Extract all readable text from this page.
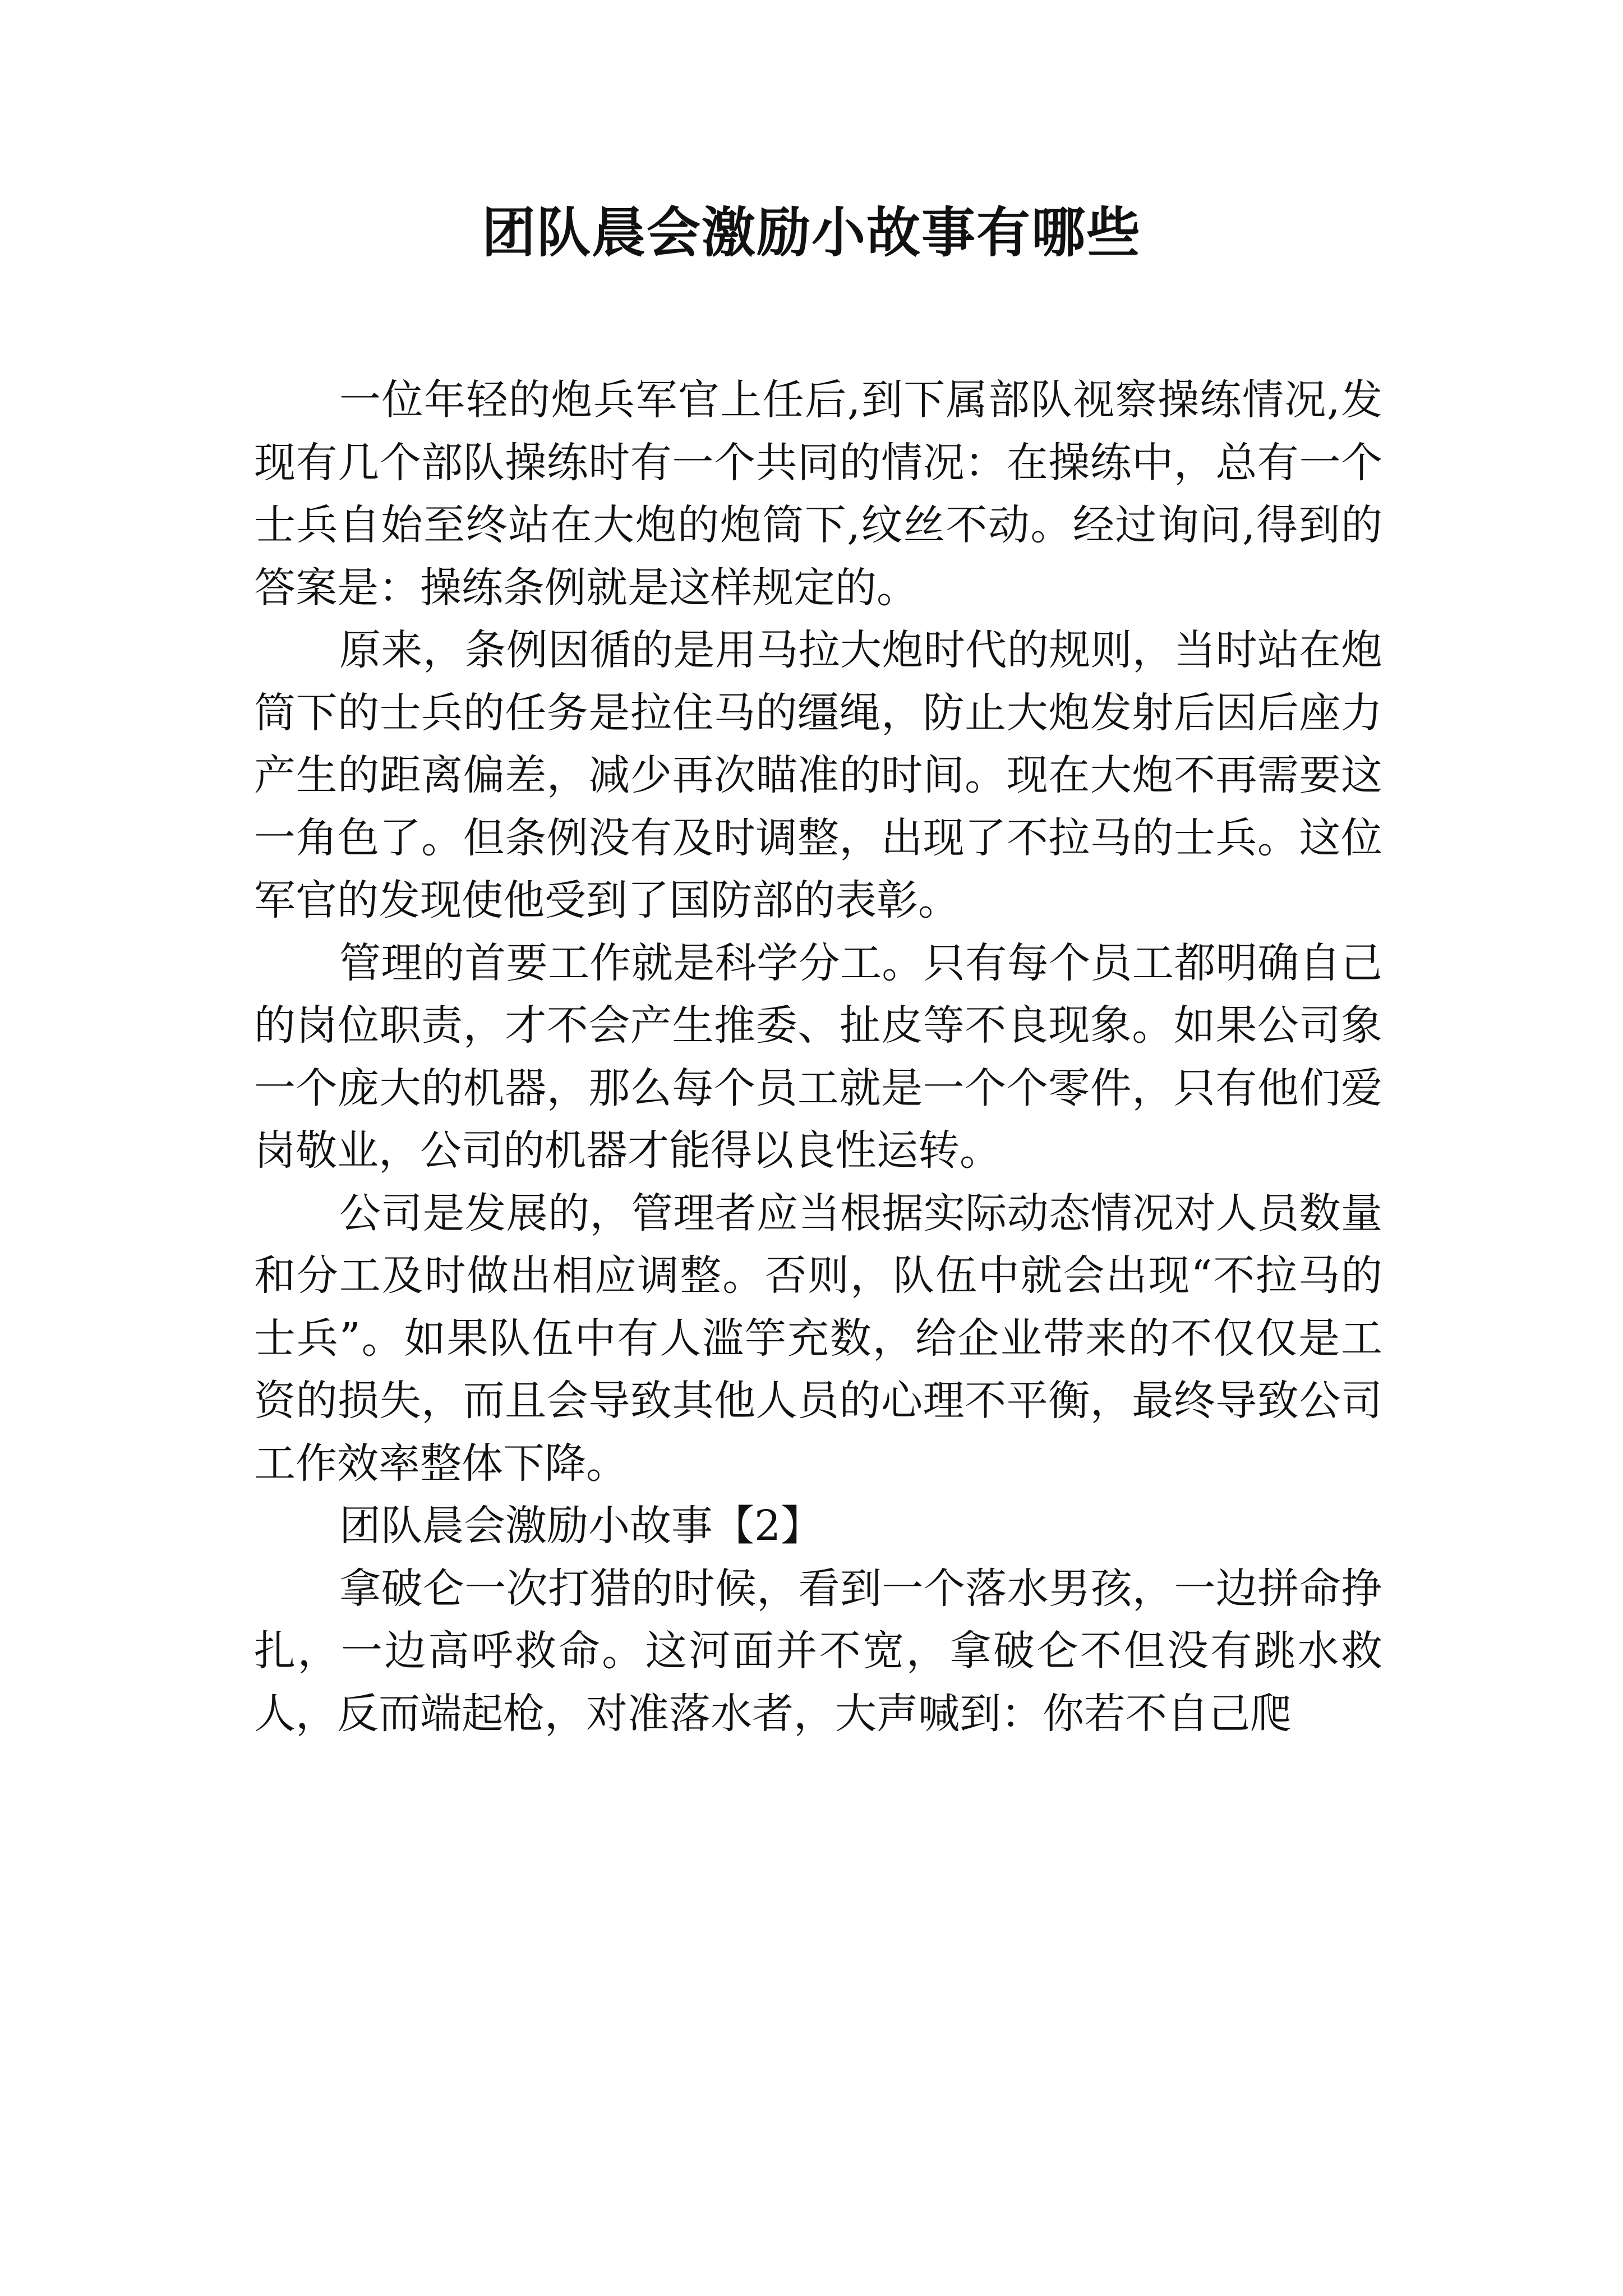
团队晨会激励小故事有哪些

一位年轻的炮兵军官上任后,到下属部队视察操练情况,发现有几个部队操练时有一个共同的情况：在操练中，总有一个士兵自始至终站在大炮的炮筒下,纹丝不动。经过询问,得到的答案是：操练条例就是这样规定的。

原来，条例因循的是用马拉大炮时代的规则，当时站在炮筒下的士兵的任务是拉住马的缰绳，防止大炮发射后因后座力产生的距离偏差，减少再次瞄准的时间。现在大炮不再需要这一角色了。但条例没有及时调整，出现了不拉马的士兵。这位军官的发现使他受到了国防部的表彰。

管理的首要工作就是科学分工。只有每个员工都明确自己的岗位职责，才不会产生推委、扯皮等不良现象。如果公司象一个庞大的机器，那么每个员工就是一个个零件，只有他们爱岗敬业，公司的机器才能得以良性运转。

公司是发展的，管理者应当根据实际动态情况对人员数量和分工及时做出相应调整。否则，队伍中就会出现“不拉马的士兵”。如果队伍中有人滥竽充数，给企业带来的不仅仅是工资的损失，而且会导致其他人员的心理不平衡，最终导致公司工作效率整体下降。

团队晨会激励小故事【2】

拿破仑一次打猎的时候，看到一个落水男孩，一边拼命挣扎，一边高呼救命。这河面并不宽，拿破仑不但没有跳水救人，反而端起枪，对准落水者，大声喊到：你若不自己爬
